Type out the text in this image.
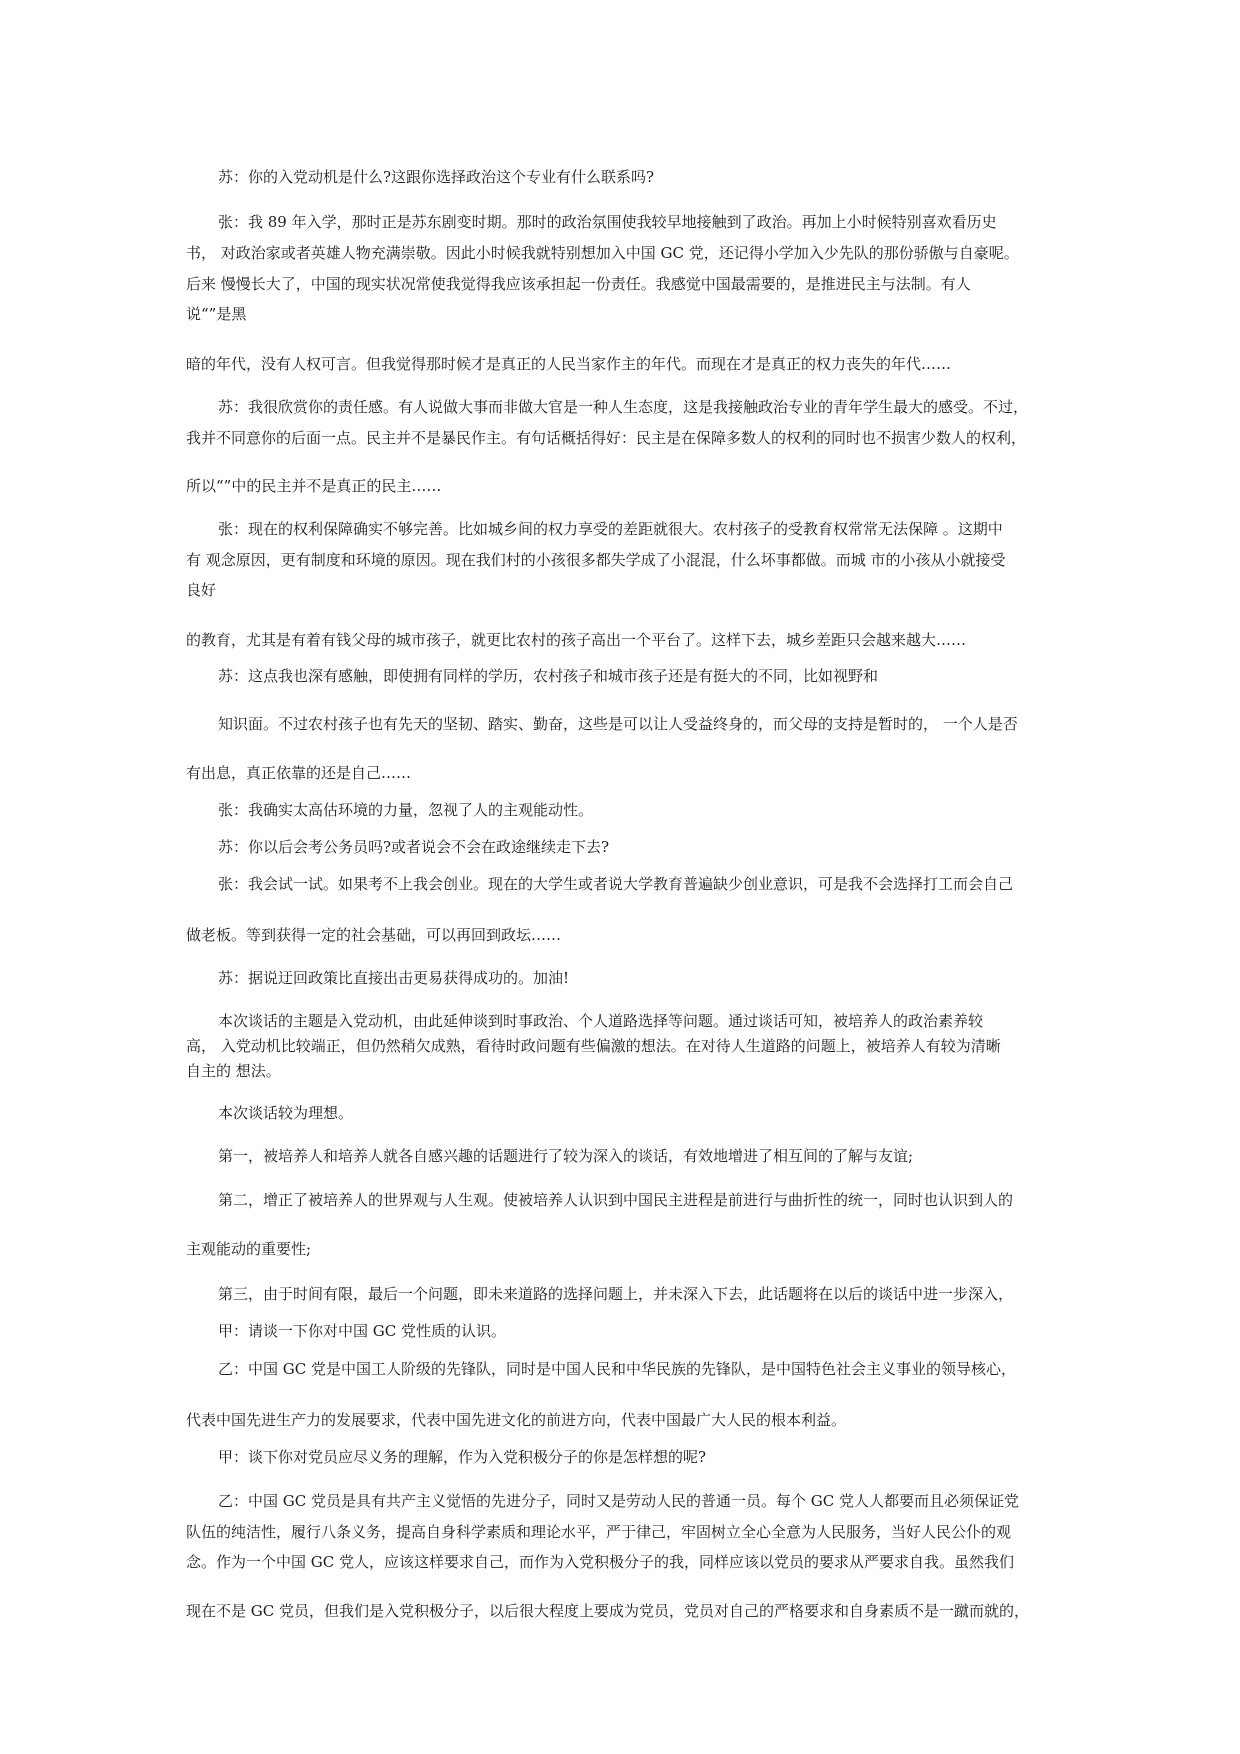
苏：你的入党动机是什么?这跟你选择政治这个专业有什么联系吗?
张：我 89 年入学，那时正是苏东剧变时期。那时的政治氛围使我较早地接触到了政治。再加上小时候特别喜欢看历史
书， 对政治家或者英雄人物充满崇敬。因此小时候我就特别想加入中国 GC 党，还记得小学加入少先队的那份骄傲与自豪呢。
后来 慢慢长大了，中国的现实状况常使我觉得我应该承担起一份责任。我感觉中国最需要的，是推进民主与法制。有人
说“”是黑
暗的年代，没有人权可言。但我觉得那时候才是真正的人民当家作主的年代。而现在才是真正的权力丧失的年代……
苏：我很欣赏你的责任感。有人说做大事而非做大官是一种人生态度，这是我接触政治专业的青年学生最大的感受。不过，
我并不同意你的后面一点。民主并不是暴民作主。有句话概括得好：民主是在保障多数人的权利的同时也不损害少数人的权利，
所以“”中的民主并不是真正的民主……
张：现在的权利保障确实不够完善。比如城乡间的权力享受的差距就很大。农村孩子的受教育权常常无法保障 。这期中
有 观念原因，更有制度和环境的原因。现在我们村的小孩很多都失学成了小混混，什么坏事都做。而城 市的小孩从小就接受
良好
的教育，尤其是有着有钱父母的城市孩子，就更比农村的孩子高出一个平台了。这样下去，城乡差距只会越来越大……
苏：这点我也深有感触，即使拥有同样的学历，农村孩子和城市孩子还是有挺大的不同，比如视野和
知识面。不过农村孩子也有先天的坚韧、踏实、勤奋，这些是可以让人受益终身的，而父母的支持是暂时的， 一个人是否
有出息，真正依靠的还是自己……
张：我确实太高估环境的力量，忽视了人的主观能动性。
苏：你以后会考公务员吗?或者说会不会在政途继续走下去?
张：我会试一试。如果考不上我会创业。现在的大学生或者说大学教育普遍缺少创业意识，可是我不会选择打工而会自己
做老板。等到获得一定的社会基础，可以再回到政坛……
苏：据说迂回政策比直接出击更易获得成功的。加油!
本次谈话的主题是入党动机，由此延伸谈到时事政治、个人道路选择等问题。通过谈话可知，被培养人的政治素养较
高， 入党动机比较端正，但仍然稍欠成熟，看待时政问题有些偏激的想法。在对待人生道路的问题上，被培养人有较为清晰
自主的 想法。
本次谈话较为理想。
第一，被培养人和培养人就各自感兴趣的话题进行了较为深入的谈话，有效地增进了相互间的了解与友谊;
第二，增正了被培养人的世界观与人生观。使被培养人认识到中国民主进程是前进行与曲折性的统一，同时也认识到人的
主观能动的重要性;
第三，由于时间有限，最后一个问题，即未来道路的选择问题上，并未深入下去，此话题将在以后的谈话中进一步深入，
甲：请谈一下你对中国 GC 党性质的认识。
乙：中国 GC 党是中国工人阶级的先锋队，同时是中国人民和中华民族的先锋队，是中国特色社会主义事业的领导核心，
代表中国先进生产力的发展要求，代表中国先进文化的前进方向，代表中国最广大人民的根本利益。
甲：谈下你对党员应尽义务的理解，作为入党积极分子的你是怎样想的呢?
乙：中国 GC 党员是具有共产主义觉悟的先进分子，同时又是劳动人民的普通一员。每个 GC 党人人都要而且必须保证党
队伍的纯洁性，履行八条义务，提高自身科学素质和理论水平，严于律己，牢固树立全心全意为人民服务，当好人民公仆的观
念。作为一个中国 GC 党人，应该这样要求自己，而作为入党积极分子的我，同样应该以党员的要求从严要求自我。虽然我们
现在不是 GC 党员，但我们是入党积极分子，以后很大程度上要成为党员，党员对自己的严格要求和自身素质不是一蹴而就的，
